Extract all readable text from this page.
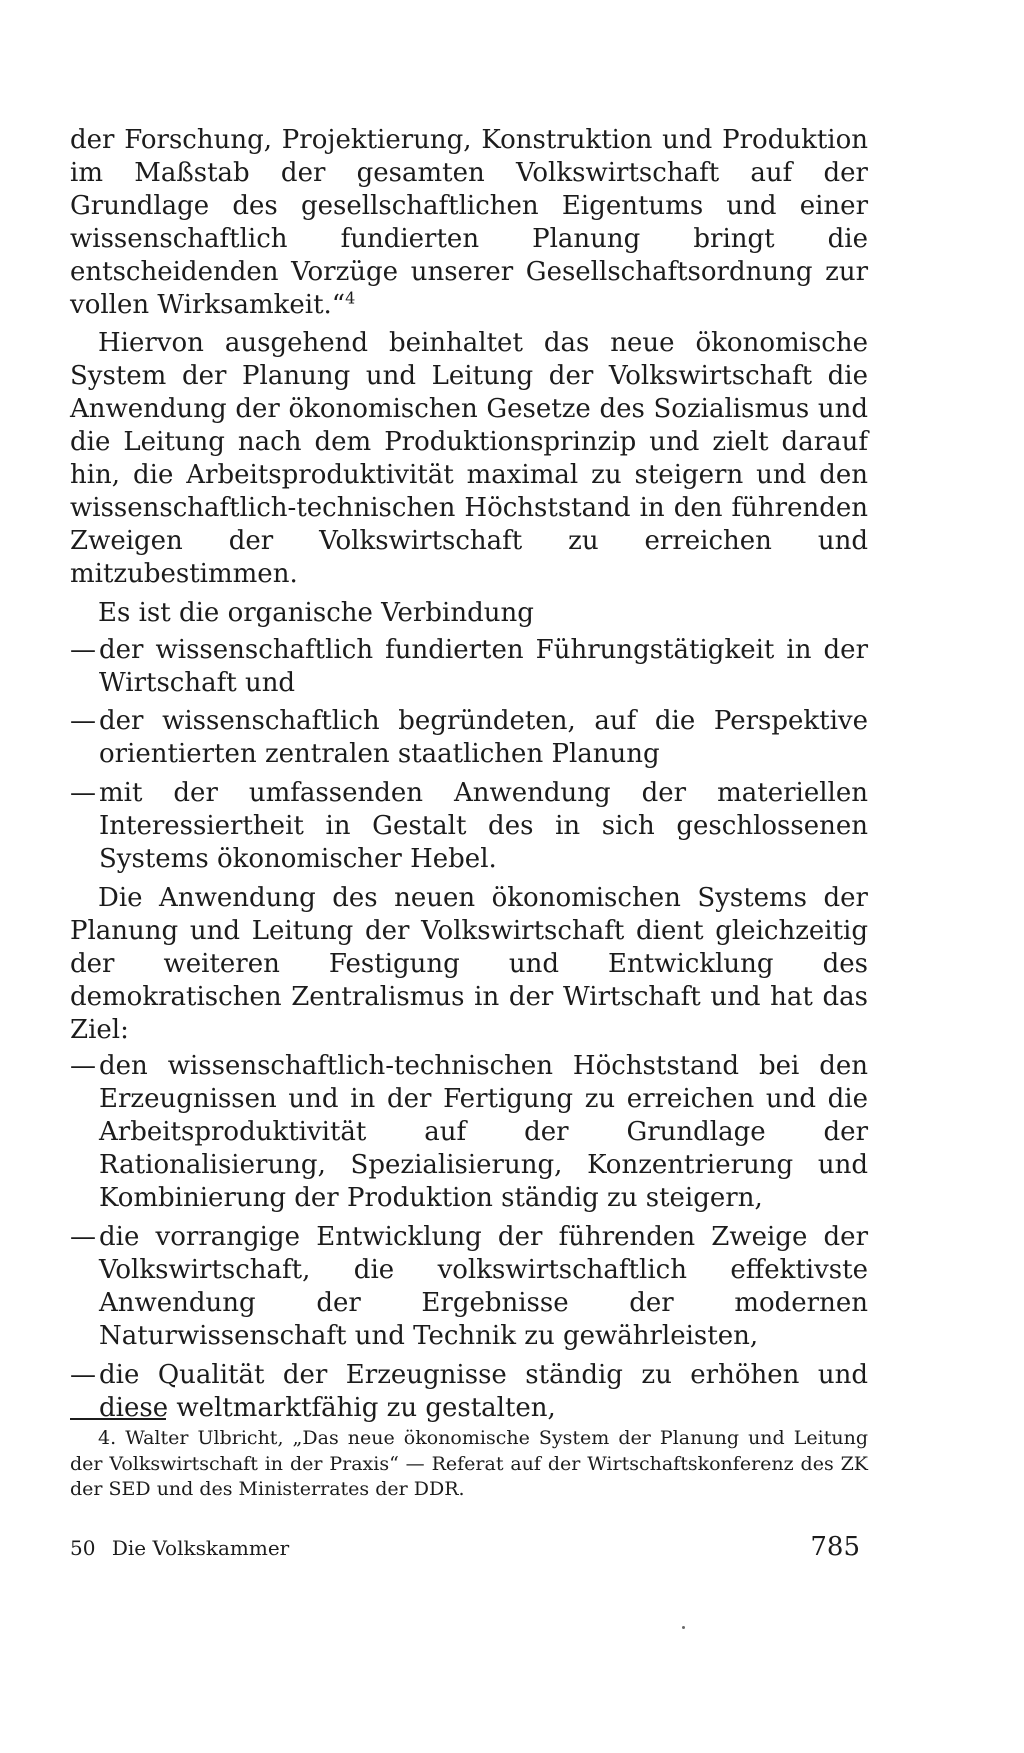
der Forschung, Projektierung, Konstruktion und Produktion im Maßstab der gesamten Volkswirtschaft auf der Grundlage des gesellschaftlichen Eigentums und einer wissenschaftlich fundierten Planung bringt die entscheidenden Vorzüge unserer Gesellschaftsordnung zur vollen Wirksamkeit.“$^4$

Hiervon ausgehend beinhaltet das neue ökonomische System der Planung und Leitung der Volkswirtschaft die Anwendung der ökonomischen Gesetze des Sozialismus und die Leitung nach dem Produktionsprinzip und zielt darauf hin, die Arbeitsproduktivität maximal zu steigern und den wissenschaftlich-technischen Höchststand in den führenden Zweigen der Volkswirtschaft zu erreichen und mitzubestimmen.

Es ist die organische Verbindung

— der wissenschaftlich fundierten Führungstätigkeit in der Wirtschaft und
— der wissenschaftlich begründeten, auf die Perspektive orientierten zentralen staatlichen Planung
— mit der umfassenden Anwendung der materiellen Interessiertheit in Gestalt des in sich geschlossenen Systems ökonomischer Hebel.

Die Anwendung des neuen ökonomischen Systems der Planung und Leitung der Volkswirtschaft dient gleichzeitig der weiteren Festigung und Entwicklung des demokratischen Zentralismus in der Wirtschaft und hat das Ziel:

— den wissenschaftlich-technischen Höchststand bei den Erzeugnissen und in der Fertigung zu erreichen und die Arbeitsproduktivität auf der Grundlage der Rationalisierung, Spezialisierung, Konzentrierung und Kombinierung der Produktion ständig zu steigern,
— die vorrangige Entwicklung der führenden Zweige der Volkswirtschaft, die volkswirtschaftlich effektivste Anwendung der Ergebnisse der modernen Naturwissenschaft und Technik zu gewährleisten,
— die Qualität der Erzeugnisse ständig zu erhöhen und diese weltmarktfähig zu gestalten,

4. Walter Ulbricht, „Das neue ökonomische System der Planung und Leitung der Volkswirtschaft in der Praxis“ — Referat auf der Wirtschaftskonferenz des ZK der SED und des Ministerrates der DDR.

50 Die Volkskammer	785
